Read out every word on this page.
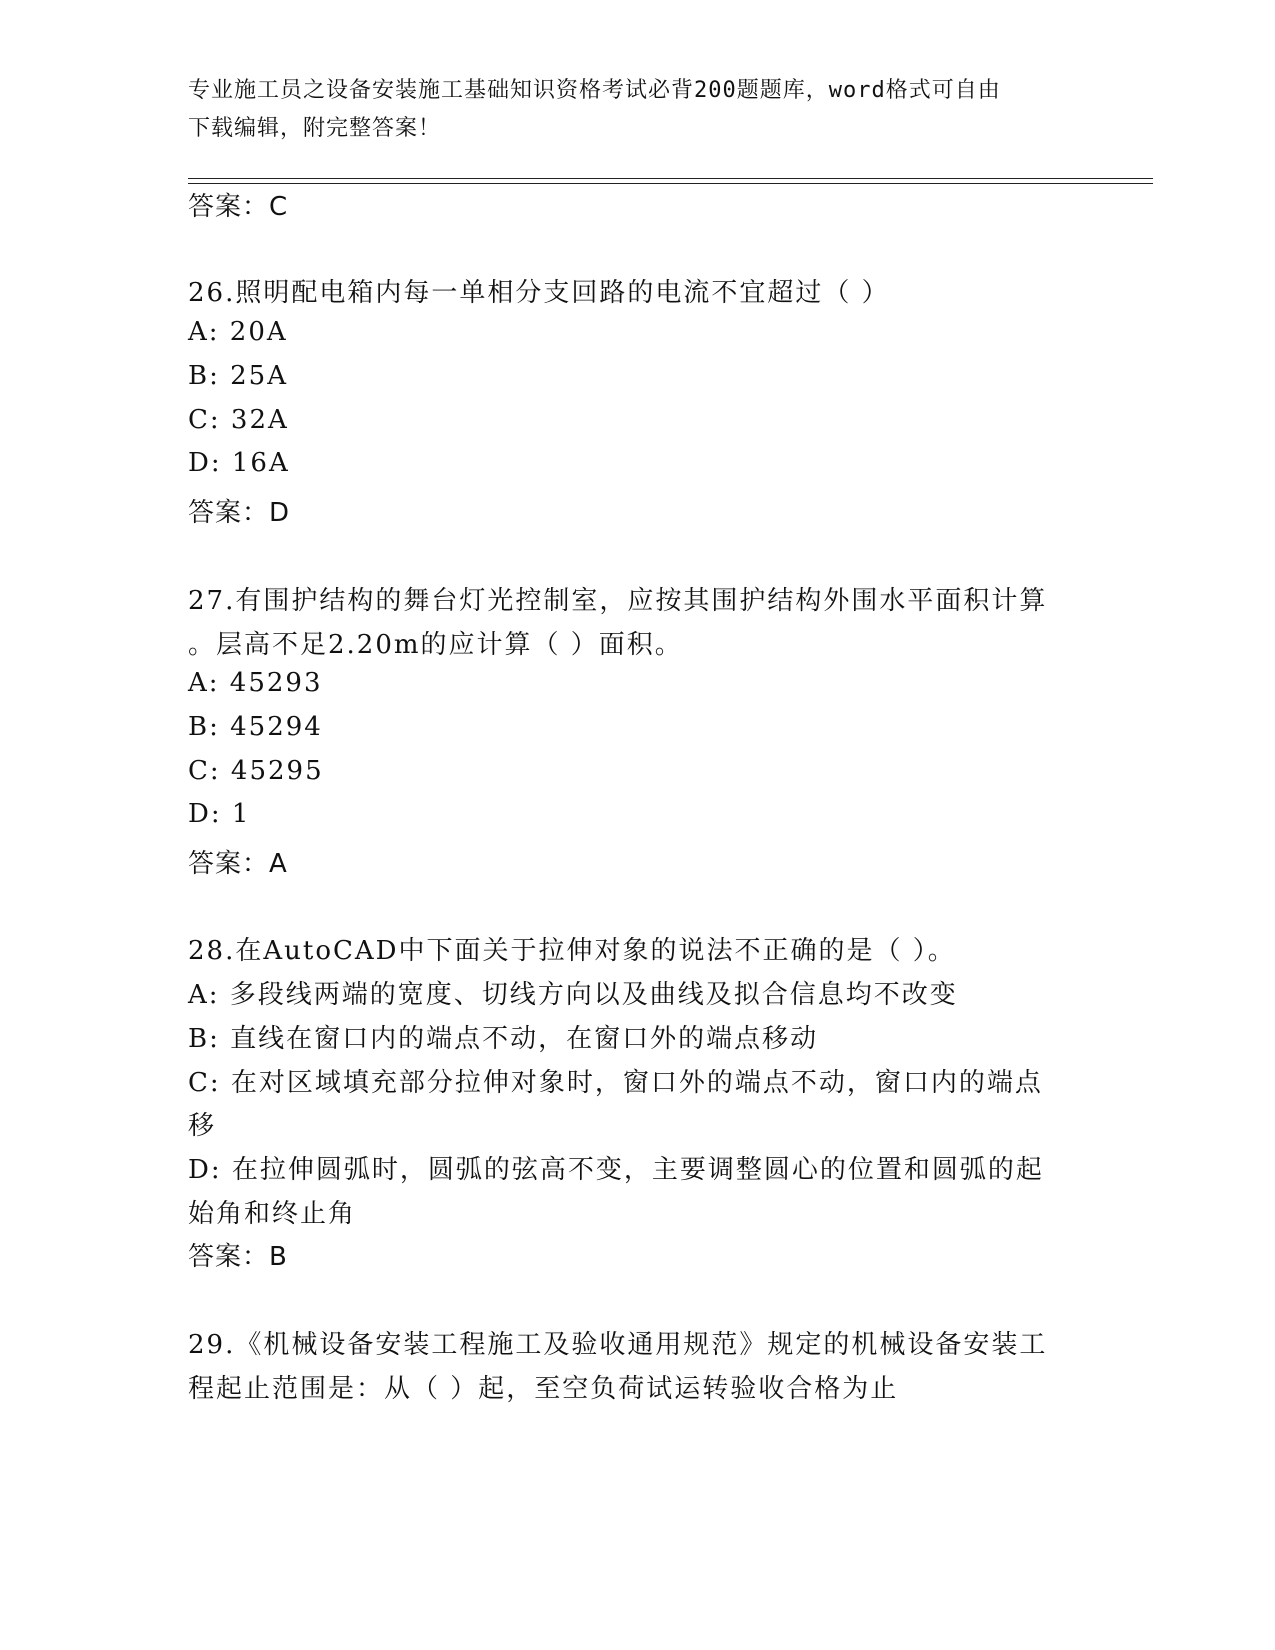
专业施工员之设备安装施工基础知识资格考试必背200题题库，word格式可自由
下载编辑，附完整答案！
答案：C
26.照明配电箱内每一单相分支回路的电流不宜超过（ ）
A: 20A
B: 25A
C: 32A
D: 16A
答案：D
27.有围护结构的舞台灯光控制室，应按其围护结构外围水平面积计算
。层高不足2.20m的应计算（ ）面积。
A: 45293
B: 45294
C: 45295
D: 1
答案：A
28.在AutoCAD中下面关于拉伸对象的说法不正确的是（ ）。
A: 多段线两端的宽度、切线方向以及曲线及拟合信息均不改变
B: 直线在窗口内的端点不动，在窗口外的端点移动
C: 在对区域填充部分拉伸对象时，窗口外的端点不动，窗口内的端点
移
D: 在拉伸圆弧时，圆弧的弦高不变，主要调整圆心的位置和圆弧的起
始角和终止角
答案：B
29.《机械设备安装工程施工及验收通用规范》规定的机械设备安装工
程起止范围是：从（ ）起，至空负荷试运转验收合格为止
